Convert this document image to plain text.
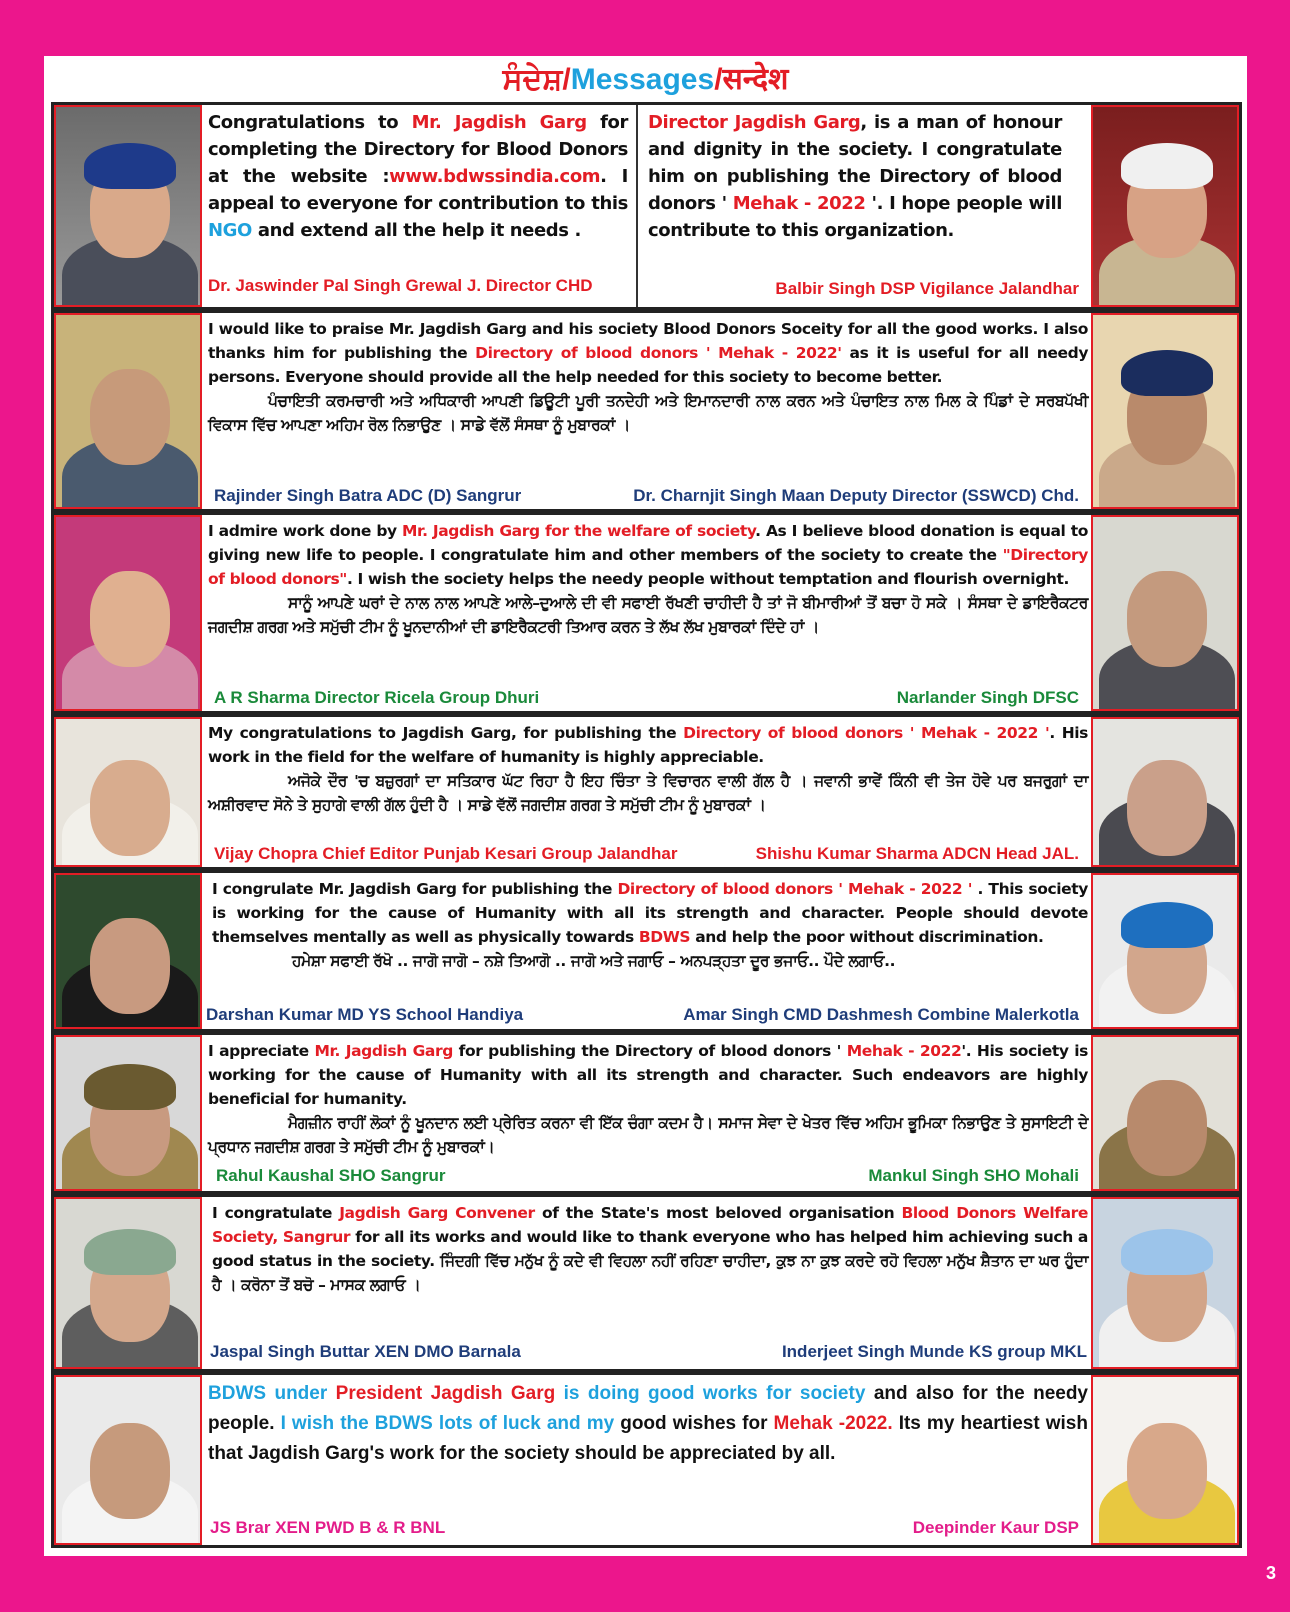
ਸੰਦੇਸ਼/Messages/सन्देश
Congratulations to Mr. Jagdish Garg for completing the Directory for Blood Donors at the website :www.bdwssindia.com. I appeal to everyone for contribution to this NGO and extend all the help it needs .
Dr. Jaswinder Pal Singh Grewal J. Director CHD
Director Jagdish Garg, is a man of honour and dignity in the society. I congratulate him on publishing the Directory of blood donors ' Mehak - 2022 '. I hope people will contribute to this organization.
Balbir Singh DSP Vigilance Jalandhar
I would like to praise Mr. Jagdish Garg and his society Blood Donors Soceity for all the good works. I also thanks him for publishing the Directory of blood donors ' Mehak - 2022' as it is useful for all needy persons. Everyone should provide all the help needed for this society to become better.
ਪੰਚਾਇਤੀ ਕਰਮਚਾਰੀ ਅਤੇ ਅਧਿਕਾਰੀ ਆਪਣੀ ਡਿਊਟੀ ਪੂਰੀ ਤਨਦੇਹੀ ਅਤੇ ਇਮਾਨਦਾਰੀ ਨਾਲ ਕਰਨ ਅਤੇ ਪੰਚਾਇਤ ਨਾਲ ਮਿਲ ਕੇ ਪਿੰਡਾਂ ਦੇ ਸਰਬਪੱਖੀ ਵਿਕਾਸ ਵਿੱਚ ਆਪਣਾ ਅਹਿਮ ਰੋਲ ਨਿਭਾਉਣ । ਸਾਡੇ ਵੱਲੋਂ ਸੰਸਥਾ ਨੂੰ ਮੁਬਾਰਕਾਂ ।
Rajinder Singh Batra ADC (D) Sangrur	Dr. Charnjit Singh Maan Deputy Director (SSWCD) Chd.
I admire work done by Mr. Jagdish Garg for the welfare of society. As I believe blood donation is equal to giving new life to people. I congratulate him and other members of the society to create the "Directory of blood donors". I wish the society helps the needy people without temptation and flourish overnight.
ਸਾਨੂੰ ਆਪਣੇ ਘਰਾਂ ਦੇ ਨਾਲ ਨਾਲ ਆਪਣੇ ਆਲੇ–ਦੁਆਲੇ ਦੀ ਵੀ ਸਫਾਈ ਰੱਖਣੀ ਚਾਹੀਦੀ ਹੈ ਤਾਂ ਜੋ ਬੀਮਾਰੀਆਂ ਤੋਂ ਬਚਾ ਹੋ ਸਕੇ । ਸੰਸਥਾ ਦੇ ਡਾਇਰੈਕਟਰ ਜਗਦੀਸ਼ ਗਰਗ ਅਤੇ ਸਮੁੱਚੀ ਟੀਮ ਨੂੰ ਖੂਨਦਾਨੀਆਂ ਦੀ ਡਾਇਰੈਕਟਰੀ ਤਿਆਰ ਕਰਨ ਤੇ ਲੱਖ ਲੱਖ ਮੁਬਾਰਕਾਂ ਦਿੰਦੇ ਹਾਂ ।
A R Sharma Director Ricela Group Dhuri	Narlander Singh DFSC
My congratulations to Jagdish Garg, for publishing the Directory of blood donors ' Mehak - 2022 '. His work in the field for the welfare of humanity is highly appreciable.
ਅਜੋਕੇ ਦੌਰ 'ਚ ਬਜ਼ੁਰਗਾਂ ਦਾ ਸਤਿਕਾਰ ਘੱਟ ਰਿਹਾ ਹੈ ਇਹ ਚਿੰਤਾ ਤੇ ਵਿਚਾਰਨ ਵਾਲੀ ਗੱਲ ਹੈ । ਜਵਾਨੀ ਭਾਵੇਂ ਕਿੰਨੀ ਵੀ ਤੇਜ ਹੋਵੇ ਪਰ ਬਜਰੁਗਾਂ ਦਾ ਅਸ਼ੀਰਵਾਦ ਸੋਨੇ ਤੇ ਸੁਹਾਗੇ ਵਾਲੀ ਗੱਲ ਹੁੰਦੀ ਹੈ । ਸਾਡੇ ਵੱਲੋਂ ਜਗਦੀਸ਼ ਗਰਗ ਤੇ ਸਮੁੱਚੀ ਟੀਮ ਨੂੰ ਮੁਬਾਰਕਾਂ ।
Vijay Chopra Chief Editor Punjab Kesari Group Jalandhar	Shishu Kumar Sharma ADCN Head JAL.
I congrulate Mr. Jagdish Garg for publishing the Directory of blood donors ' Mehak - 2022 ' . This society is working for the cause of Humanity with all its strength and character. People should devote themselves mentally as well as physically towards BDWS and help the poor without discrimination.
ਹਮੇਸ਼ਾ ਸਫਾਈ ਰੱਖੋ .. ਜਾਗੋ ਜਾਗੋ – ਨਸ਼ੇ ਤਿਆਗੋ .. ਜਾਗੋ ਅਤੇ ਜਗਾਓ – ਅਨਪੜ੍ਹਤਾ ਦੂਰ ਭਜਾਓ.. ਪੌਦੇ ਲਗਾਓ..
Darshan Kumar MD YS School Handiya	Amar Singh CMD Dashmesh Combine Malerkotla
I appreciate Mr. Jagdish Garg for publishing the Directory of blood donors ' Mehak - 2022'. His society is working for the cause of Humanity with all its strength and character. Such endeavors are highly beneficial for humanity.
ਮੈਗਜ਼ੀਨ ਰਾਹੀਂ ਲੋਕਾਂ ਨੂੰ ਖੂਨਦਾਨ ਲਈ ਪ੍ਰੇਰਿਤ ਕਰਨਾ ਵੀ ਇੱਕ ਚੰਗਾ ਕਦਮ ਹੈ। ਸਮਾਜ ਸੇਵਾ ਦੇ ਖੇਤਰ ਵਿੱਚ ਅਹਿਮ ਭੂਮਿਕਾ ਨਿਭਾਉਣ ਤੇ ਸੁਸਾਇਟੀ ਦੇ ਪ੍ਰਧਾਨ ਜਗਦੀਸ਼ ਗਰਗ ਤੇ ਸਮੁੱਚੀ ਟੀਮ ਨੂੰ ਮੁਬਾਰਕਾਂ।
Rahul Kaushal SHO Sangrur	Mankul Singh SHO Mohali
I congratulate Jagdish Garg Convener of the State's most beloved organisation Blood Donors Welfare Society, Sangrur for all its works and would like to thank everyone who has helped him achieving such a good status in the society. ਜਿੰਦਗੀ ਵਿੱਚ ਮਨੁੱਖ ਨੂੰ ਕਦੇ ਵੀ ਵਿਹਲਾ ਨਹੀਂ ਰਹਿਣਾ ਚਾਹੀਦਾ, ਕੁਝ ਨਾ ਕੁਝ ਕਰਦੇ ਰਹੋ ਵਿਹਲਾ ਮਨੁੱਖ ਸ਼ੈਤਾਨ ਦਾ ਘਰ ਹੁੰਦਾ ਹੈ । ਕਰੋਨਾ ਤੋਂ ਬਚੋ – ਮਾਸਕ ਲਗਾਓ ।
Jaspal Singh Buttar XEN DMO Barnala	Inderjeet Singh Munde KS group MKL
BDWS under President Jagdish Garg is doing good works for society and also for the needy people. I wish the BDWS lots of luck and my good wishes for Mehak -2022. Its my heartiest wish that Jagdish Garg's work for the society should be appreciated by all.
JS Brar XEN PWD B & R BNL	Deepinder Kaur DSP
3
